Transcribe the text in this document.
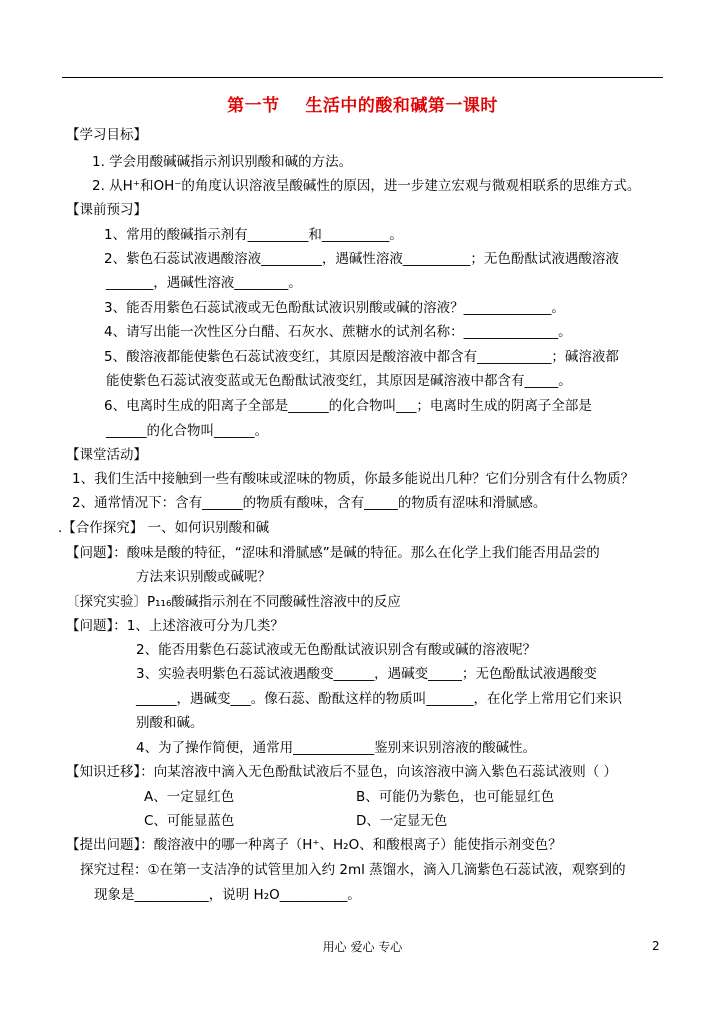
第一节    生活中的酸和碱第一课时
【学习目标】
1. 学会用酸碱碱指示剂识别酸和碱的方法。
2. 从H⁺和OH⁻的角度认识溶液呈酸碱性的原因，进一步建立宏观与微观相联系的思维方式。
【课前预习】
1、常用的酸碱指示剂有_________和__________。
2、紫色石蕊试液遇酸溶液_________，遇碱性溶液__________；无色酚酞试液遇酸溶液
_______，遇碱性溶液________。
3、能否用紫色石蕊试液或无色酚酞试液识别酸或碱的溶液？_____________。
4、请写出能一次性区分白醋、石灰水、蔗糖水的试剂名称：______________。
5、酸溶液都能使紫色石蕊试液变红，其原因是酸溶液中都含有___________；碱溶液都
能使紫色石蕊试液变蓝或无色酚酞试液变红，其原因是碱溶液中都含有_____。
6、电离时生成的阳离子全部是______的化合物叫___；电离时生成的阴离子全部是
______的化合物叫______。
【课堂活动】
1、我们生活中接触到一些有酸味或涩味的物质，你最多能说出几种？它们分别含有什么物质？
2、通常情况下：含有______的物质有酸味，含有_____的物质有涩味和滑腻感。
.【合作探究】 一、如何识别酸和碱
【问题】：酸味是酸的特征，“涩味和滑腻感”是碱的特征。那么在化学上我们能否用品尝的
方法来识别酸或碱呢？
〔探究实验〕P₁₁₆酸碱指示剂在不同酸碱性溶液中的反应
【问题】：1、上述溶液可分为几类？
2、能否用紫色石蕊试液或无色酚酞试液识别含有酸或碱的溶液呢？
3、实验表明紫色石蕊试液遇酸变______，遇碱变_____；无色酚酞试液遇酸变
______，遇碱变___。像石蕊、酚酞这样的物质叫_______，在化学上常用它们来识
别酸和碱。
4、为了操作简便，通常用____________鉴别来识别溶液的酸碱性。
【知识迁移】：向某溶液中滴入无色酚酞试液后不显色，向该溶液中滴入紫色石蕊试液则（ ）
A、一定显红色	B、可能仍为紫色，也可能显红色
C、可能显蓝色	D、一定显无色
【提出问题】：酸溶液中的哪一种离子（H⁺、H₂O、和酸根离子）能使指示剂变色？
探究过程：①在第一支洁净的试管里加入约 2ml 蒸馏水，滴入几滴紫色石蕊试液，观察到的
现象是___________，说明 H₂O__________。
用心 爱心 专心	2
